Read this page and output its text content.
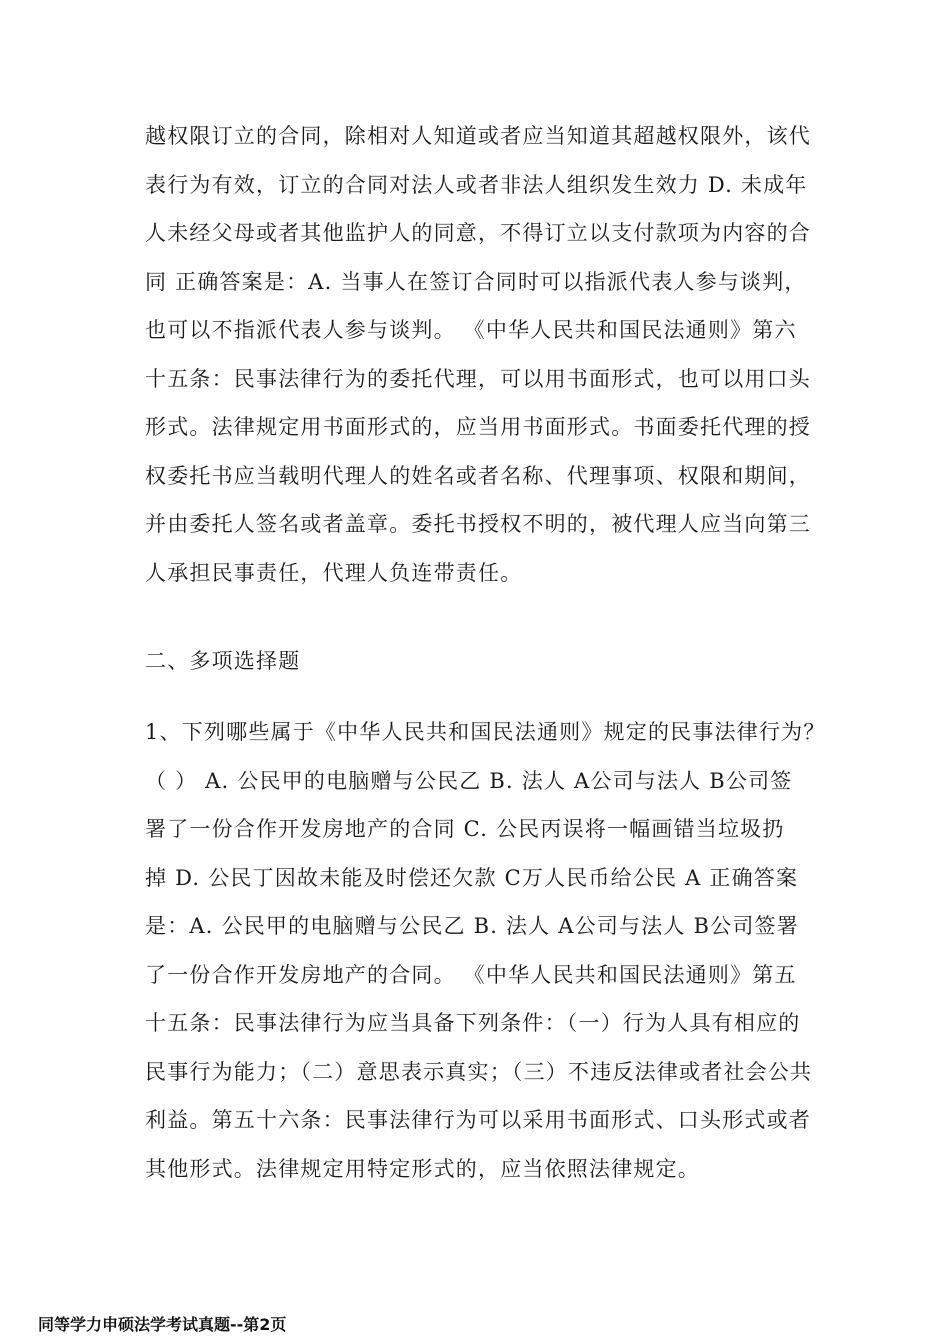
越权限订立的合同，除相对人知道或者应当知道其超越权限外，该代
表行为有效，订立的合同对法人或者非法人组织发生效力 D. 未成年
人未经父母或者其他监护人的同意，不得订立以支付款项为内容的合
同 正确答案是：A. 当事人在签订合同时可以指派代表人参与谈判，
也可以不指派代表人参与谈判。 《中华人民共和国民法通则》第六
十五条：民事法律行为的委托代理，可以用书面形式，也可以用口头
形式。法律规定用书面形式的，应当用书面形式。书面委托代理的授
权委托书应当载明代理人的姓名或者名称、代理事项、权限和期间，
并由委托人签名或者盖章。委托书授权不明的，被代理人应当向第三
人承担民事责任，代理人负连带责任。
二、多项选择题
1、下列哪些属于《中华人民共和国民法通则》规定的民事法律行为？
（ ） A. 公民甲的电脑赠与公民乙 B. 法人 A公司与法人 B公司签
署了一份合作开发房地产的合同 C. 公民丙误将一幅画错当垃圾扔
掉 D. 公民丁因故未能及时偿还欠款 C万人民币给公民 A 正确答案
是：A. 公民甲的电脑赠与公民乙 B. 法人 A公司与法人 B公司签署
了一份合作开发房地产的合同。 《中华人民共和国民法通则》第五
十五条：民事法律行为应当具备下列条件：（一）行为人具有相应的
民事行为能力；（二）意思表示真实；（三）不违反法律或者社会公共
利益。第五十六条：民事法律行为可以采用书面形式、口头形式或者
其他形式。法律规定用特定形式的，应当依照法律规定。
同等学力申硕法学考试真题--第2页
